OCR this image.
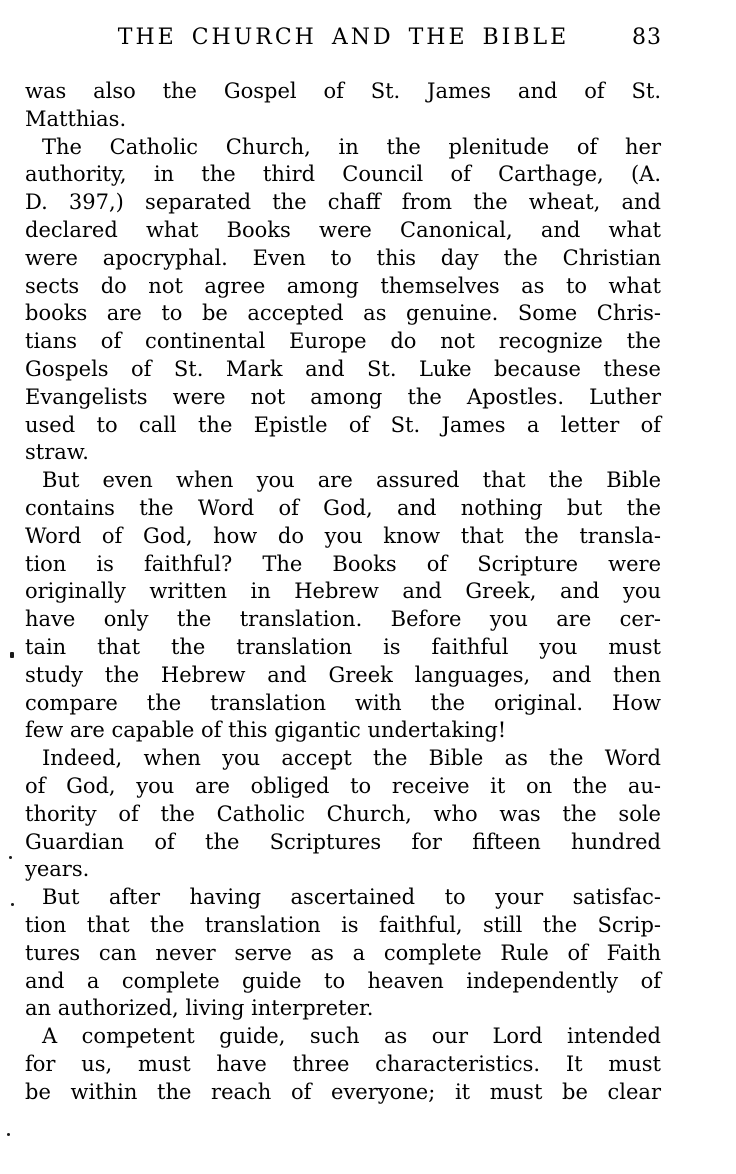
THE CHURCH AND THE BIBLE	83
was also the Gospel of St. James and of St.
Matthias.
The Catholic Church, in the plenitude of her
authority, in the third Council of Carthage, (A.
D. 397,) separated the chaff from the wheat, and
declared what Books were Canonical, and what
were apocryphal. Even to this day the Christian
sects do not agree among themselves as to what
books are to be accepted as genuine. Some Chris-
tians of continental Europe do not recognize the
Gospels of St. Mark and St. Luke because these
Evangelists were not among the Apostles. Luther
used to call the Epistle of St. James a letter of
straw.
But even when you are assured that the Bible
contains the Word of God, and nothing but the
Word of God, how do you know that the transla-
tion is faithful? The Books of Scripture were
originally written in Hebrew and Greek, and you
have only the translation. Before you are cer-
tain that the translation is faithful you must
study the Hebrew and Greek languages, and then
compare the translation with the original. How
few are capable of this gigantic undertaking!
Indeed, when you accept the Bible as the Word
of God, you are obliged to receive it on the au-
thority of the Catholic Church, who was the sole
Guardian of the Scriptures for fifteen hundred
years.
But after having ascertained to your satisfac-
tion that the translation is faithful, still the Scrip-
tures can never serve as a complete Rule of Faith
and a complete guide to heaven independently of
an authorized, living interpreter.
A competent guide, such as our Lord intended
for us, must have three characteristics. It must
be within the reach of everyone; it must be clear
